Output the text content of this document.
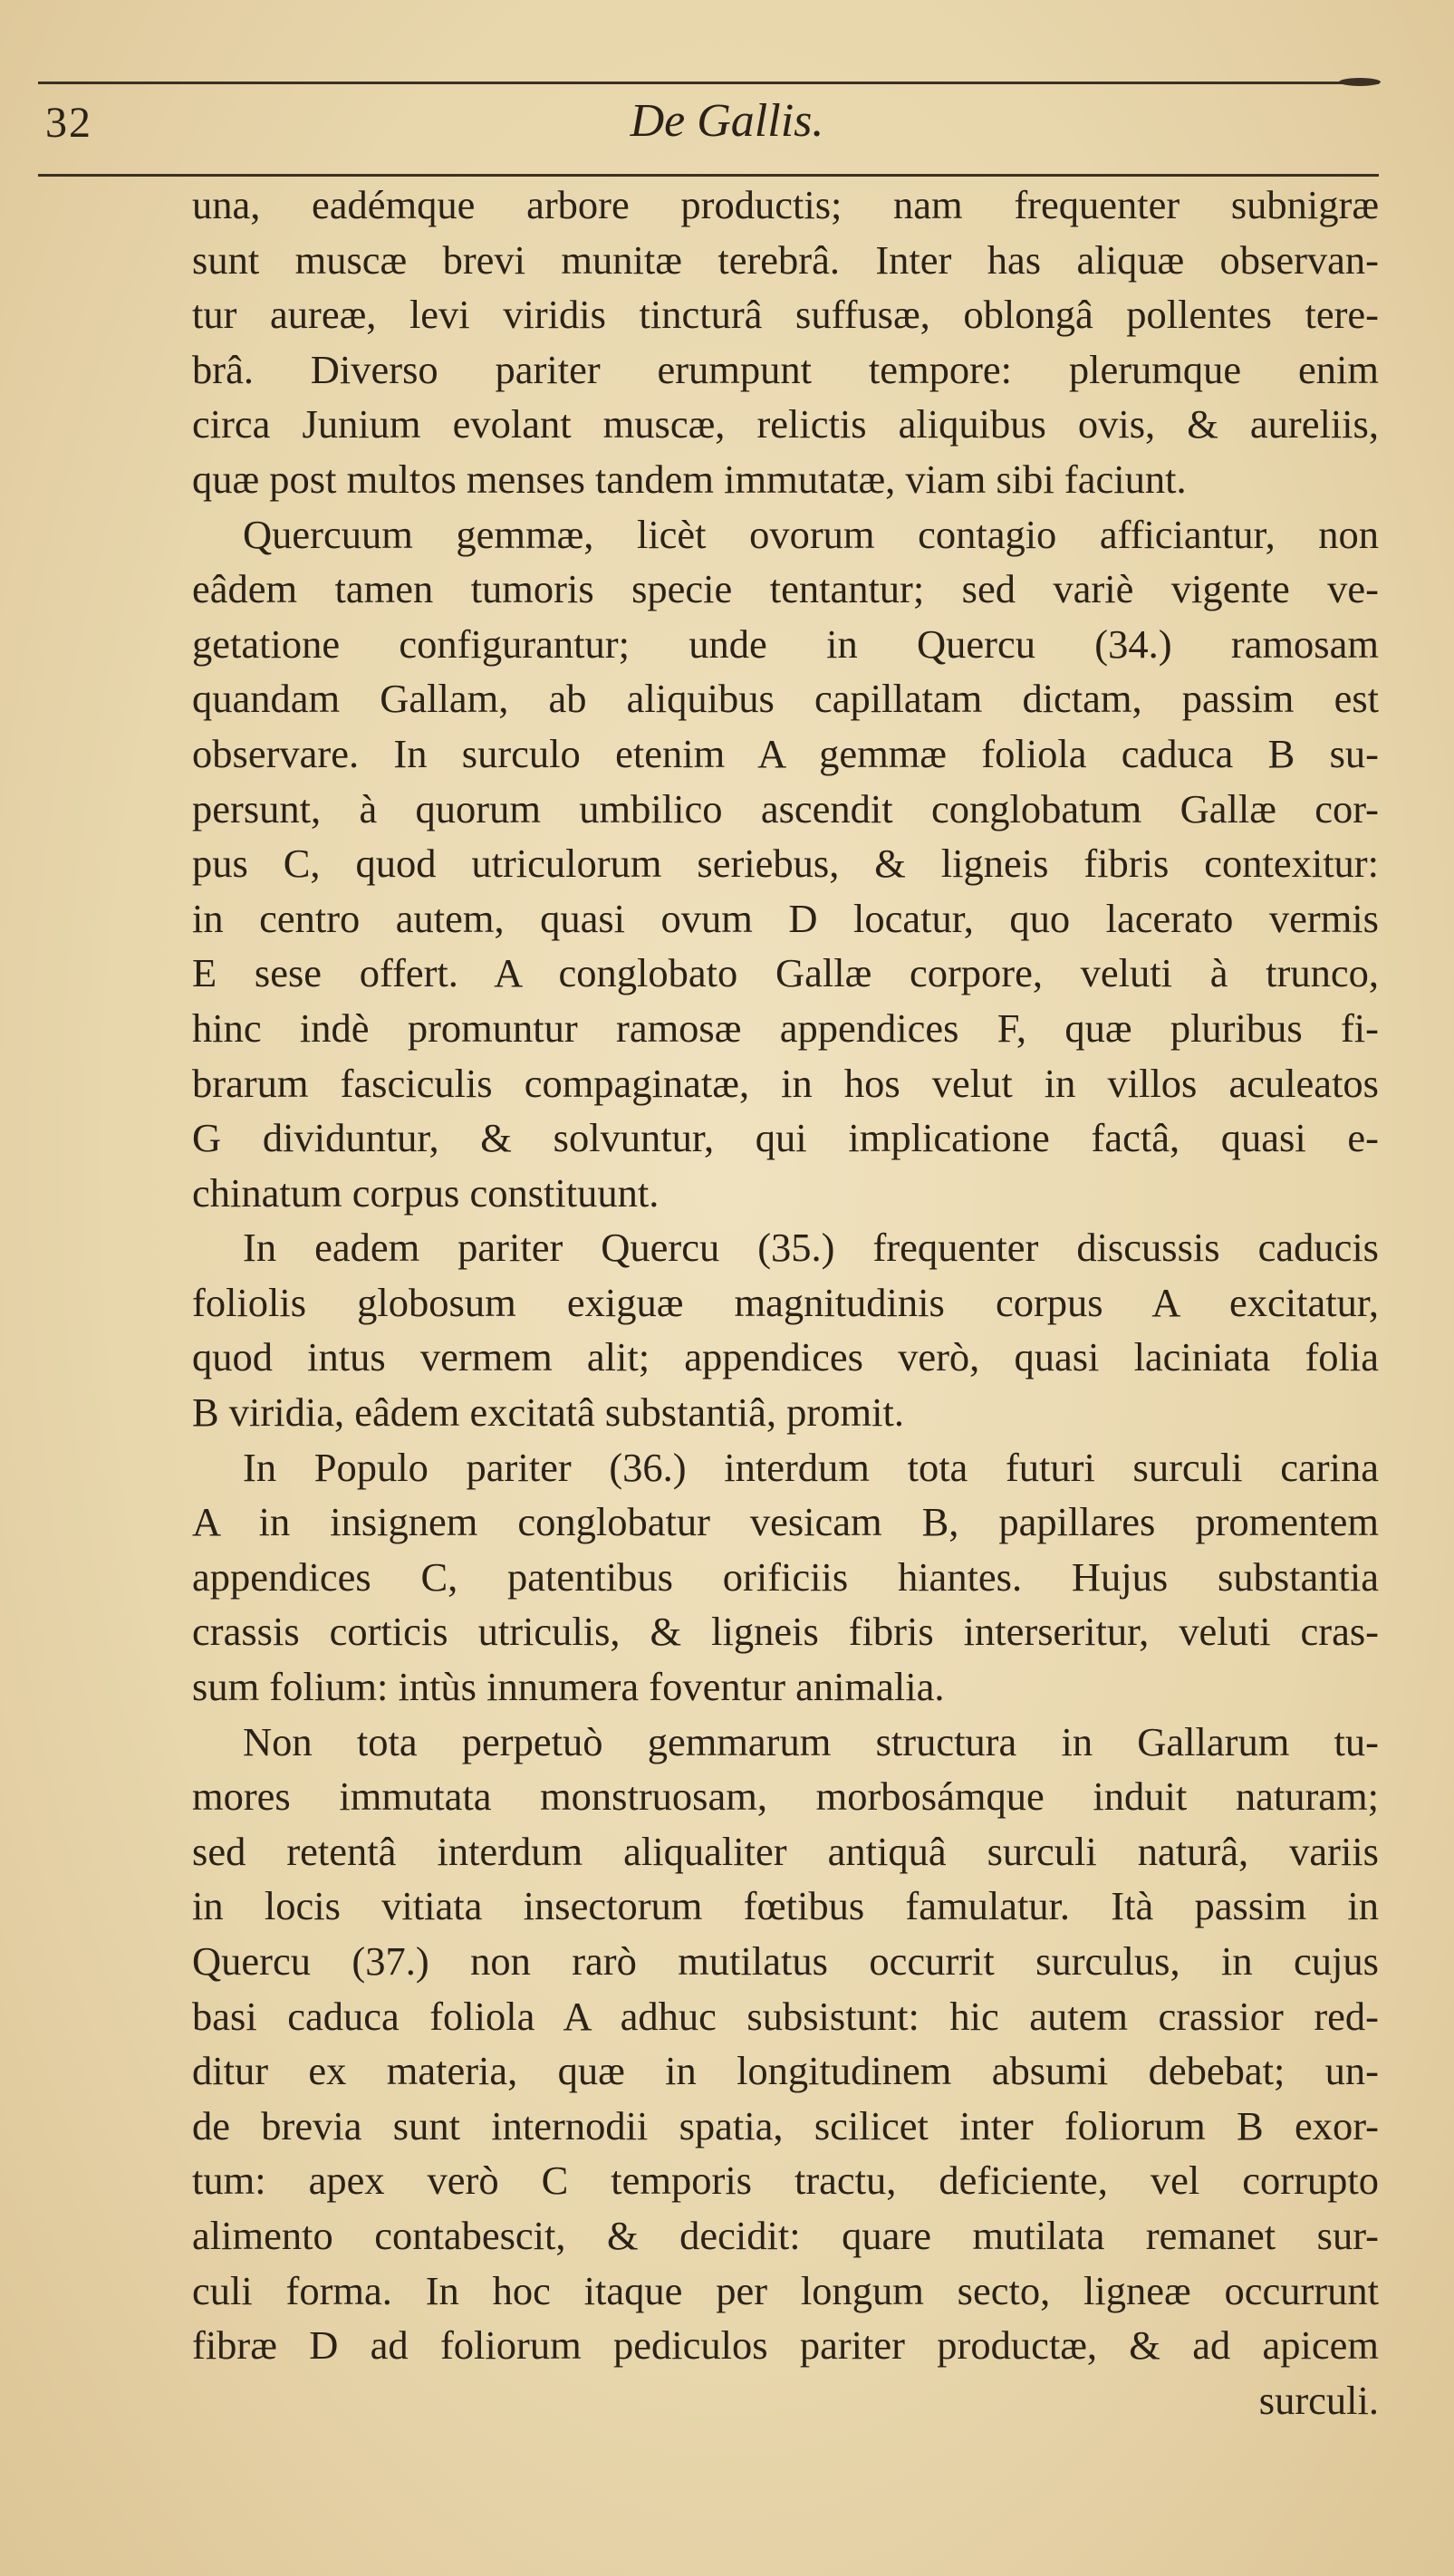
32	De Gallis.
una, eadémque arbore productis; nam frequenter subnigræ
sunt muscæ brevi munitæ terebrâ. Inter has aliquæ observan-
tur aureæ, levi viridis tincturâ suffusæ, oblongâ pollentes tere-
brâ. Diverso pariter erumpunt tempore: plerumque enim
circa Junium evolant muscæ, relictis aliquibus ovis, & aureliis,
quæ post multos menses tandem immutatæ, viam sibi faciunt.
Quercuum gemmæ, licèt ovorum contagio afficiantur, non
eâdem tamen tumoris specie tentantur; sed variè vigente ve-
getatione configurantur; unde in Quercu (34.) ramosam
quandam Gallam, ab aliquibus capillatam dictam, passim est
observare. In surculo etenim A gemmæ foliola caduca B su-
persunt, à quorum umbilico ascendit conglobatum Gallæ cor-
pus C, quod utriculorum seriebus, & ligneis fibris contexitur:
in centro autem, quasi ovum D locatur, quo lacerato vermis
E sese offert. A conglobato Gallæ corpore, veluti à trunco,
hinc indè promuntur ramosæ appendices F, quæ pluribus fi-
brarum fasciculis compaginatæ, in hos velut in villos aculeatos
G dividuntur, & solvuntur, qui implicatione factâ, quasi e-
chinatum corpus constituunt.
In eadem pariter Quercu (35.) frequenter discussis caducis
foliolis globosum exiguæ magnitudinis corpus A excitatur,
quod intus vermem alit; appendices verò, quasi laciniata folia
B viridia, eâdem excitatâ substantiâ, promit.
In Populo pariter (36.) interdum tota futuri surculi carina
A in insignem conglobatur vesicam B, papillares promentem
appendices C, patentibus orificiis hiantes. Hujus substantia
crassis corticis utriculis, & ligneis fibris interseritur, veluti cras-
sum folium: intùs innumera foventur animalia.
Non tota perpetuò gemmarum structura in Gallarum tu-
mores immutata monstruosam, morbosámque induit naturam;
sed retentâ interdum aliqualiter antiquâ surculi naturâ, variis
in locis vitiata insectorum fœtibus famulatur. Ità passim in
Quercu (37.) non rarò mutilatus occurrit surculus, in cujus
basi caduca foliola A adhuc subsistunt: hic autem crassior red-
ditur ex materia, quæ in longitudinem absumi debebat; un-
de brevia sunt internodii spatia, scilicet inter foliorum B exor-
tum: apex verò C temporis tractu, deficiente, vel corrupto
alimento contabescit, & decidit: quare mutilata remanet sur-
culi forma. In hoc itaque per longum secto, ligneæ occurrunt
fibræ D ad foliorum pediculos pariter productæ, & ad apicem
surculi.
